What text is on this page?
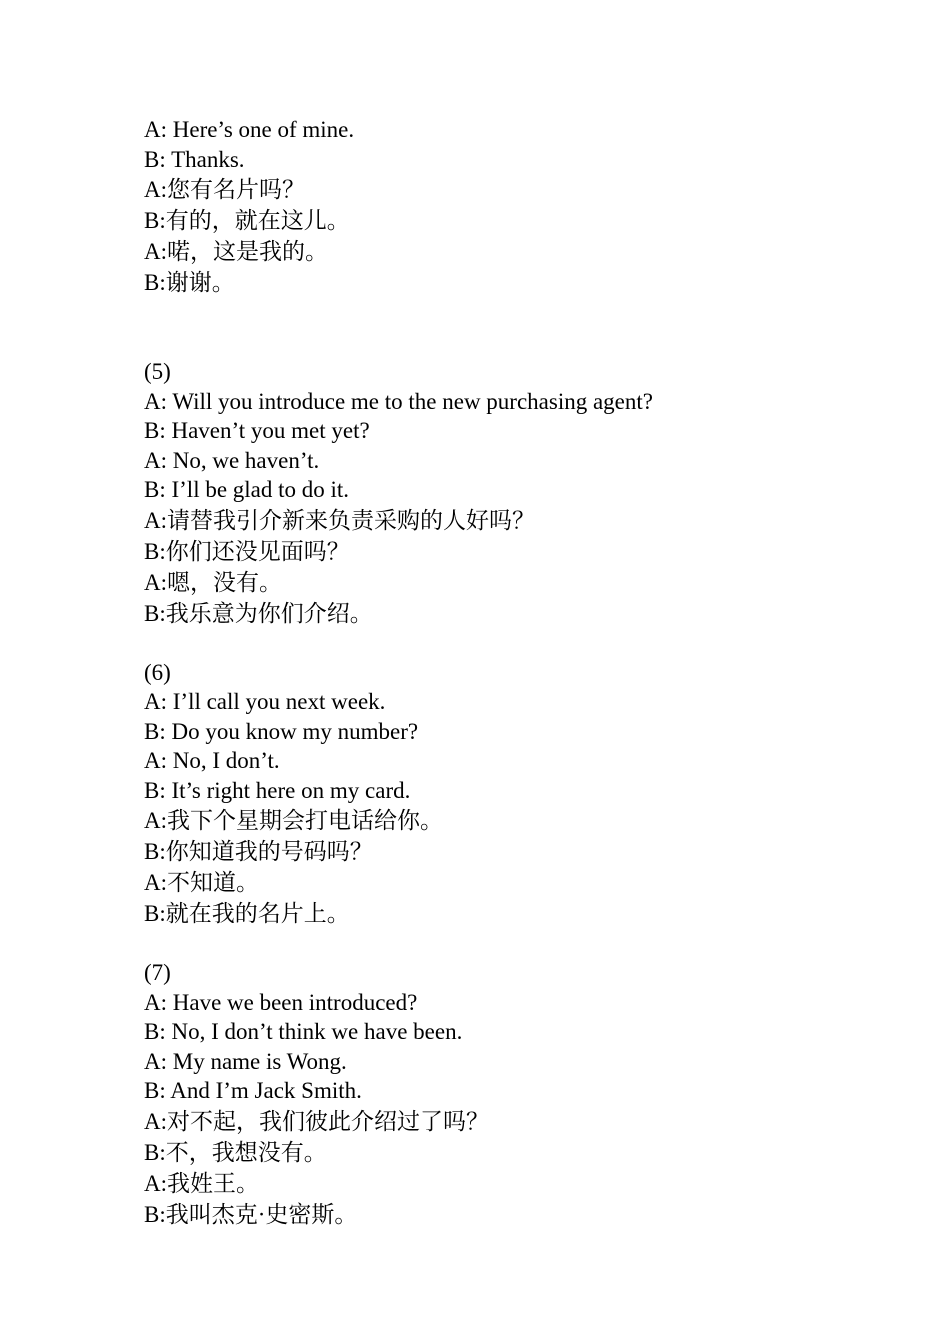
A: Here’s one of mine.
B: Thanks.
A:您有名片吗？
B:有的，就在这儿。
A:喏，这是我的。
B:谢谢。
(5)
A: Will you introduce me to the new purchasing agent?
B: Haven’t you met yet?
A: No, we haven’t.
B: I’ll be glad to do it.
A:请替我引介新来负责采购的人好吗？
B:你们还没见面吗？
A:嗯，没有。
B:我乐意为你们介绍。
(6)
A: I’ll call you next week.
B: Do you know my number?
A: No, I don’t.
B: It’s right here on my card.
A:我下个星期会打电话给你。
B:你知道我的号码吗？
A:不知道。
B:就在我的名片上。
(7)
A: Have we been introduced?
B: No, I don’t think we have been.
A: My name is Wong.
B: And I’m Jack Smith.
A:对不起，我们彼此介绍过了吗？
B:不，我想没有。
A:我姓王。
B:我叫杰克·史密斯。
